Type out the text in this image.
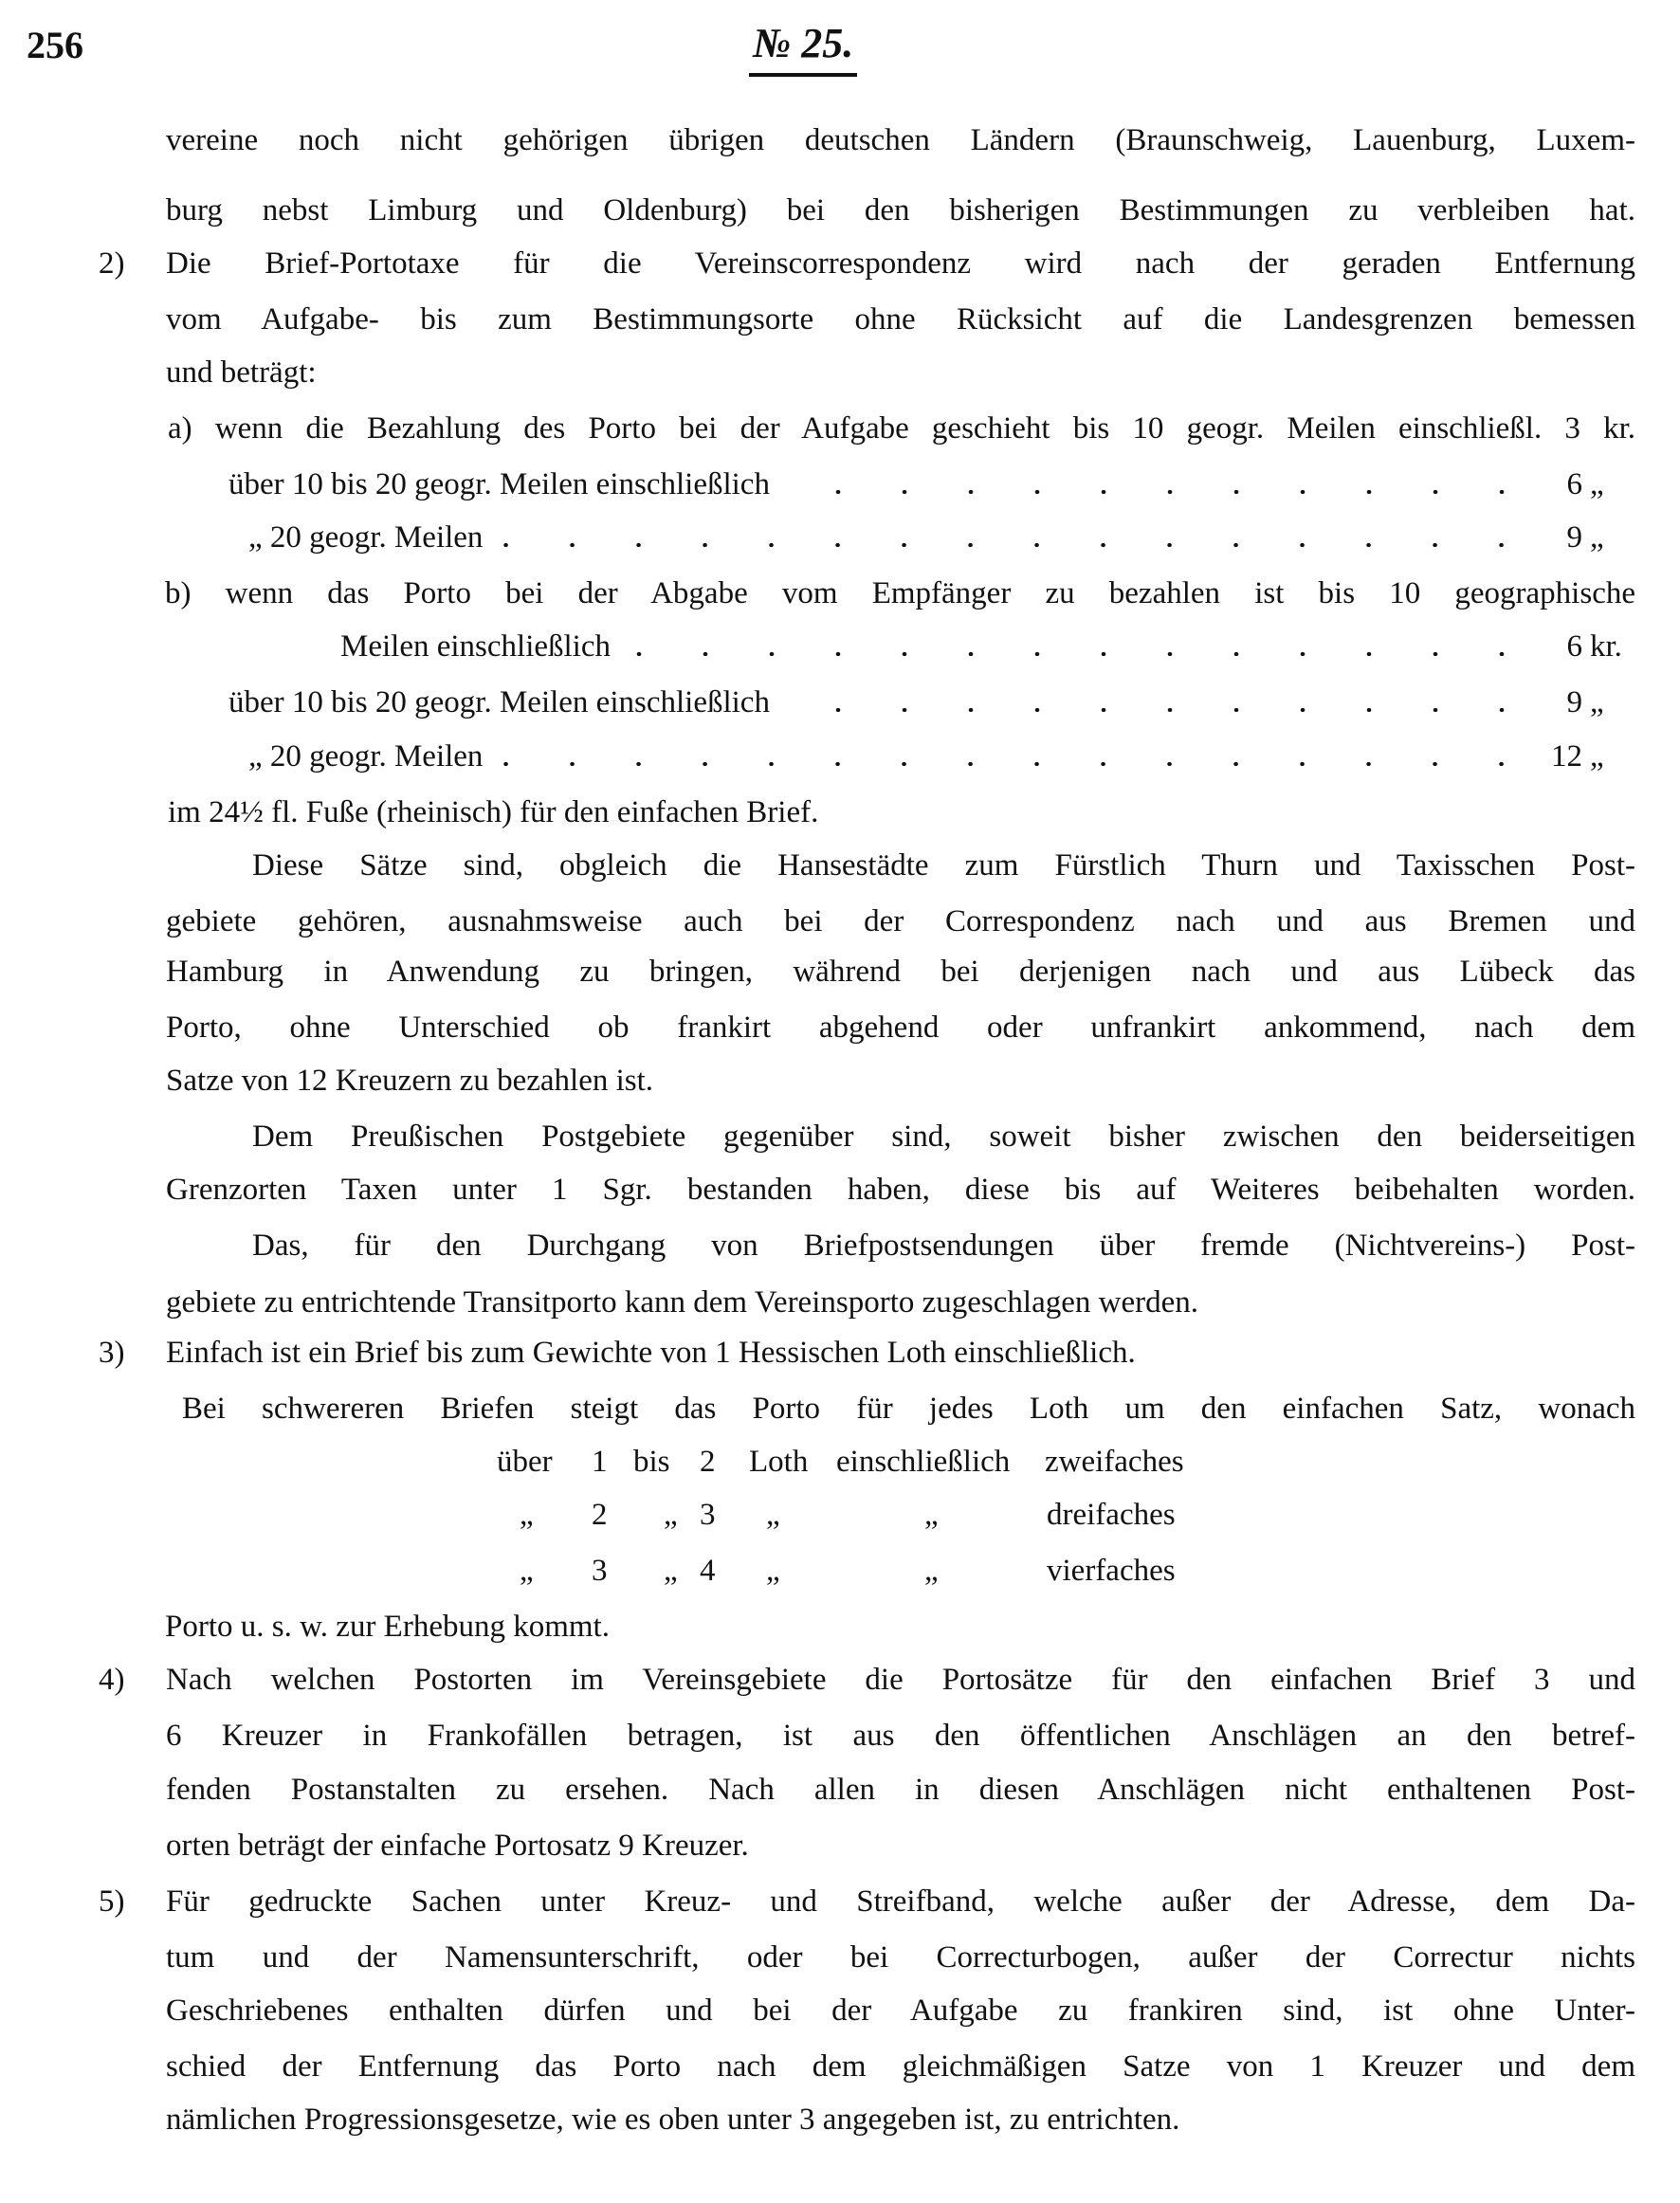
256	№ 25.
vereine noch nicht gehörigen übrigen deutschen Ländern (Braunschweig, Lauenburg, Luxem-
burg nebst Limburg und Oldenburg) bei den bisherigen Bestimmungen zu verbleiben hat.
2) Die Brief-Portotaxe für die Vereinscorrespondenz wird nach der geraden Entfernung
vom Aufgabe- bis zum Bestimmungsorte ohne Rücksicht auf die Landesgrenzen bemessen
und beträgt:
a) wenn die Bezahlung des Porto bei der Aufgabe geschieht bis 10 geogr. Meilen einschließl. 3 kr.
über 10 bis 20 geogr. Meilen einschließlich	6 „
„ 20 geogr. Meilen	9 „
b) wenn das Porto bei der Abgabe vom Empfänger zu bezahlen ist bis 10 geographische
Meilen einschließlich	6 kr.
über 10 bis 20 geogr. Meilen einschließlich	9 „
„ 20 geogr. Meilen	12 „
im 24½ fl. Fuße (rheinisch) für den einfachen Brief.
Diese Sätze sind, obgleich die Hansestädte zum Fürstlich Thurn und Taxisschen Post-
gebiete gehören, ausnahmsweise auch bei der Correspondenz nach und aus Bremen und
Hamburg in Anwendung zu bringen, während bei derjenigen nach und aus Lübeck das
Porto, ohne Unterschied ob frankirt abgehend oder unfrankirt ankommend, nach dem
Satze von 12 Kreuzern zu bezahlen ist.
Dem Preußischen Postgebiete gegenüber sind, soweit bisher zwischen den beiderseitigen
Grenzorten Taxen unter 1 Sgr. bestanden haben, diese bis auf Weiteres beibehalten worden.
Das, für den Durchgang von Briefpostsendungen über fremde (Nichtvereins-) Post-
gebiete zu entrichtende Transitporto kann dem Vereinsporto zugeschlagen werden.
3) Einfach ist ein Brief bis zum Gewichte von 1 Hessischen Loth einschließlich.
Bei schwereren Briefen steigt das Porto für jedes Loth um den einfachen Satz, wonach
über 1 bis 2 Loth einschließlich zweifaches
„ 2 „ 3 „	„	dreifaches
„ 3 „ 4 „	„	vierfaches
Porto u. s. w. zur Erhebung kommt.
4) Nach welchen Postorten im Vereinsgebiete die Portosätze für den einfachen Brief 3 und
6 Kreuzer in Frankofällen betragen, ist aus den öffentlichen Anschlägen an den betref-
fenden Postanstalten zu ersehen. Nach allen in diesen Anschlägen nicht enthaltenen Post-
orten beträgt der einfache Portosatz 9 Kreuzer.
5) Für gedruckte Sachen unter Kreuz- und Streifband, welche außer der Adresse, dem Da-
tum und der Namensunterschrift, oder bei Correcturbogen, außer der Correctur nichts
Geschriebenes enthalten dürfen und bei der Aufgabe zu frankiren sind, ist ohne Unter-
schied der Entfernung das Porto nach dem gleichmäßigen Satze von 1 Kreuzer und dem
nämlichen Progressionsgesetze, wie es oben unter 3 angegeben ist, zu entrichten.
